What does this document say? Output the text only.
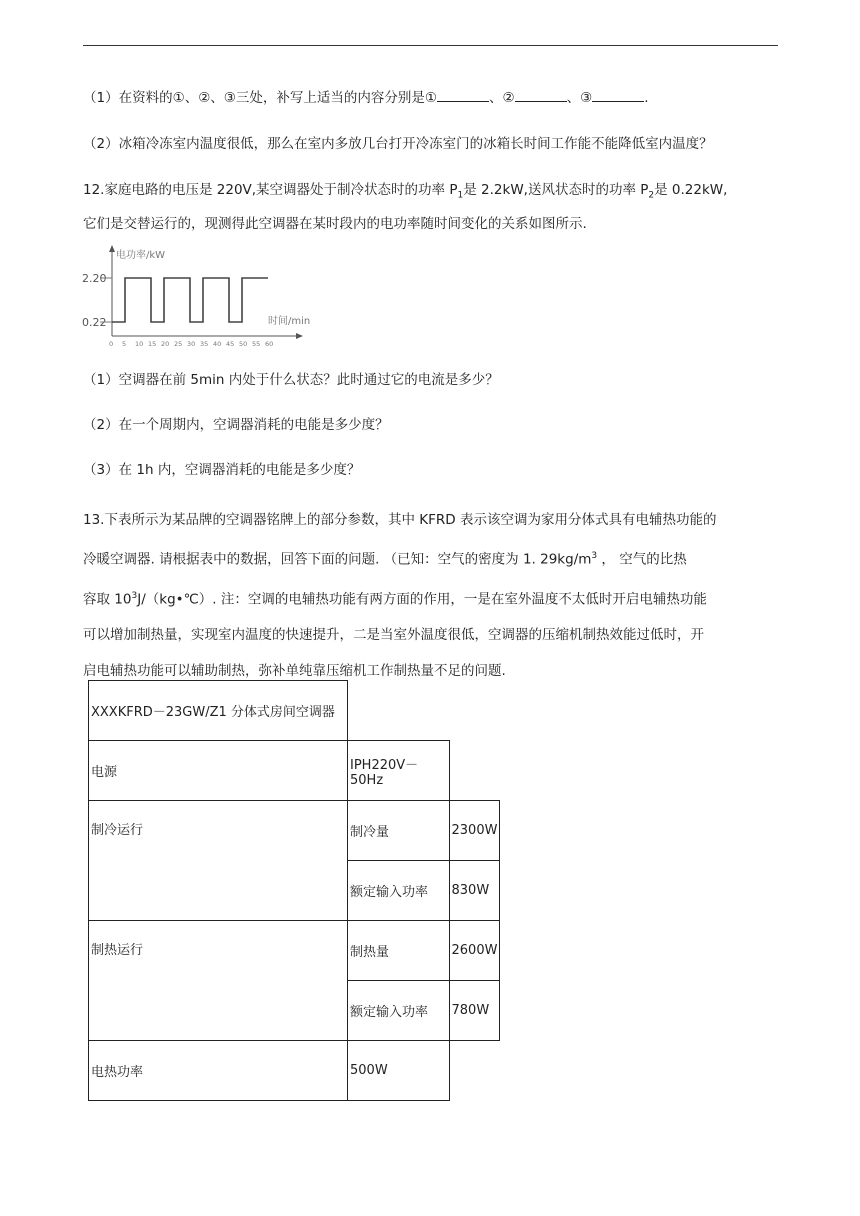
（1）在资料的①、②、③三处，补写上适当的内容分别是①	、②	、③	.
（2）冰箱冷冻室内温度很低，那么在室内多放几台打开冷冻室门的冰箱长时间工作能不能降低室内温度？
12.家庭电路的电压是 220V,某空调器处于制冷状态时的功率 $P_1$是 2.2kW,送风状态时的功率 $P_2$是 0.22kW,
它们是交替运行的，现测得此空调器在某时段内的电功率随时间变化的关系如图所示.
电功率/kW
时间/min
2.20
0.22
0 5 10 15 20 25 30 35 40 45 50 55 60
（1）空调器在前 5min 内处于什么状态？此时通过它的电流是多少？
（2）在一个周期内，空调器消耗的电能是多少度？
（3）在 1h 内，空调器消耗的电能是多少度？
13.下表所示为某品牌的空调器铭牌上的部分参数，其中 KFRD 表示该空调为家用分体式具有电辅热功能的
冷暖空调器. 请根据表中的数据，回答下面的问题. （已知：空气的密度为 1. $29kg/m^3$ ， 空气的比热
容取 $10^3J/(kg•℃)$. 注：空调的电辅热功能有两方面的作用，一是在室外温度不太低时开启电辅热功能
可以增加制热量，实现室内温度的快速提升，二是当室外温度很低，空调器的压缩机制热效能过低时，开
启电辅热功能可以辅助制热，弥补单纯靠压缩机工作制热量不足的问题.
XXXKFRD－23GW/Z1 分体式房间空调器		
电源	IPH220V－50Hz	
制冷运行	制冷量	2300W
	额定输入功率	830W
制热运行	制热量	2600W
	额定输入功率	780W
电热功率	500W	
